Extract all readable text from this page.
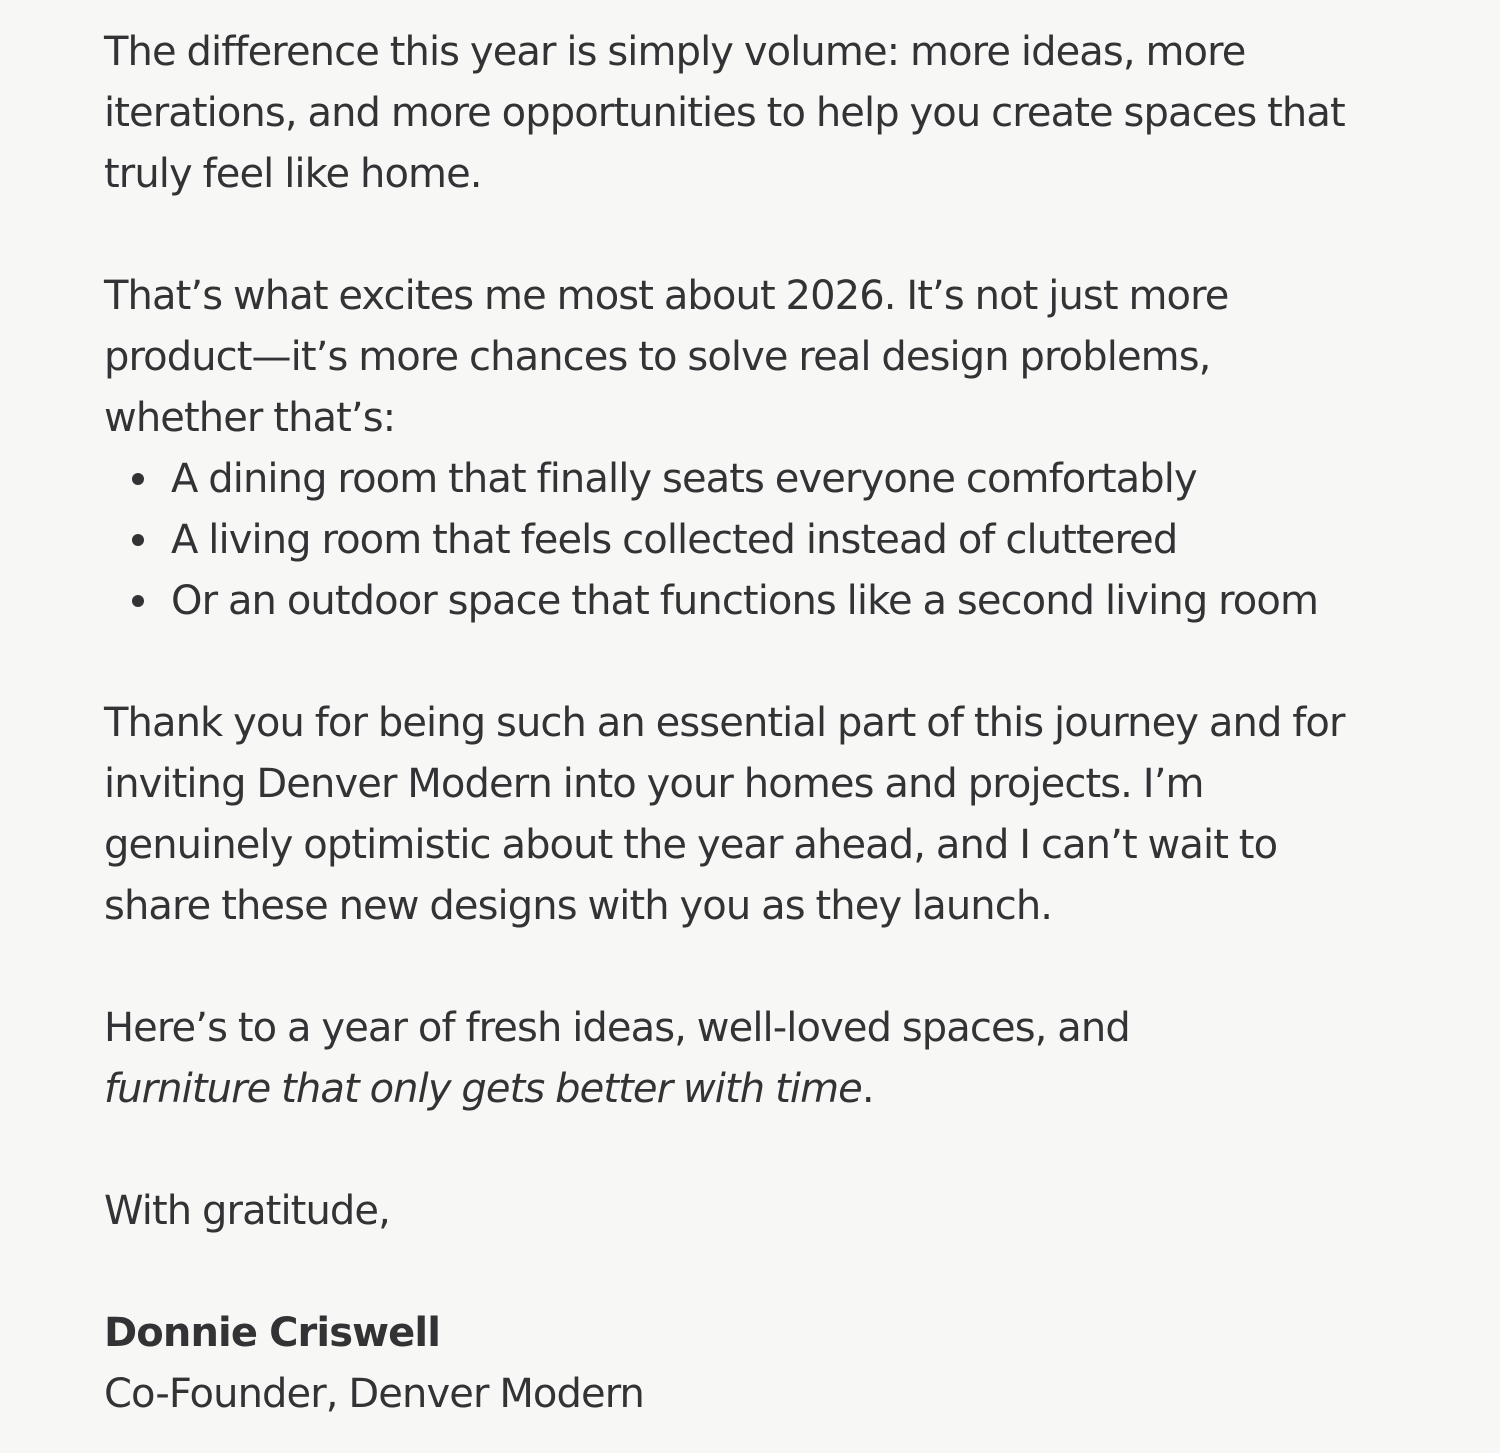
The difference this year is simply volume: more ideas, more iterations, and more opportunities to help you create spaces that truly feel like home.

That’s what excites me most about 2026. It’s not just more product—it’s more chances to solve real design problems, whether that’s:

A dining room that finally seats everyone comfortably
A living room that feels collected instead of cluttered
Or an outdoor space that functions like a second living room

Thank you for being such an essential part of this journey and for inviting Denver Modern into your homes and projects. I’m genuinely optimistic about the year ahead, and I can’t wait to share these new designs with you as they launch.

Here’s to a year of fresh ideas, well-loved spaces, and
furniture that only gets better with time.

With gratitude,

Donnie Criswell

Co-Founder, Denver Modern
